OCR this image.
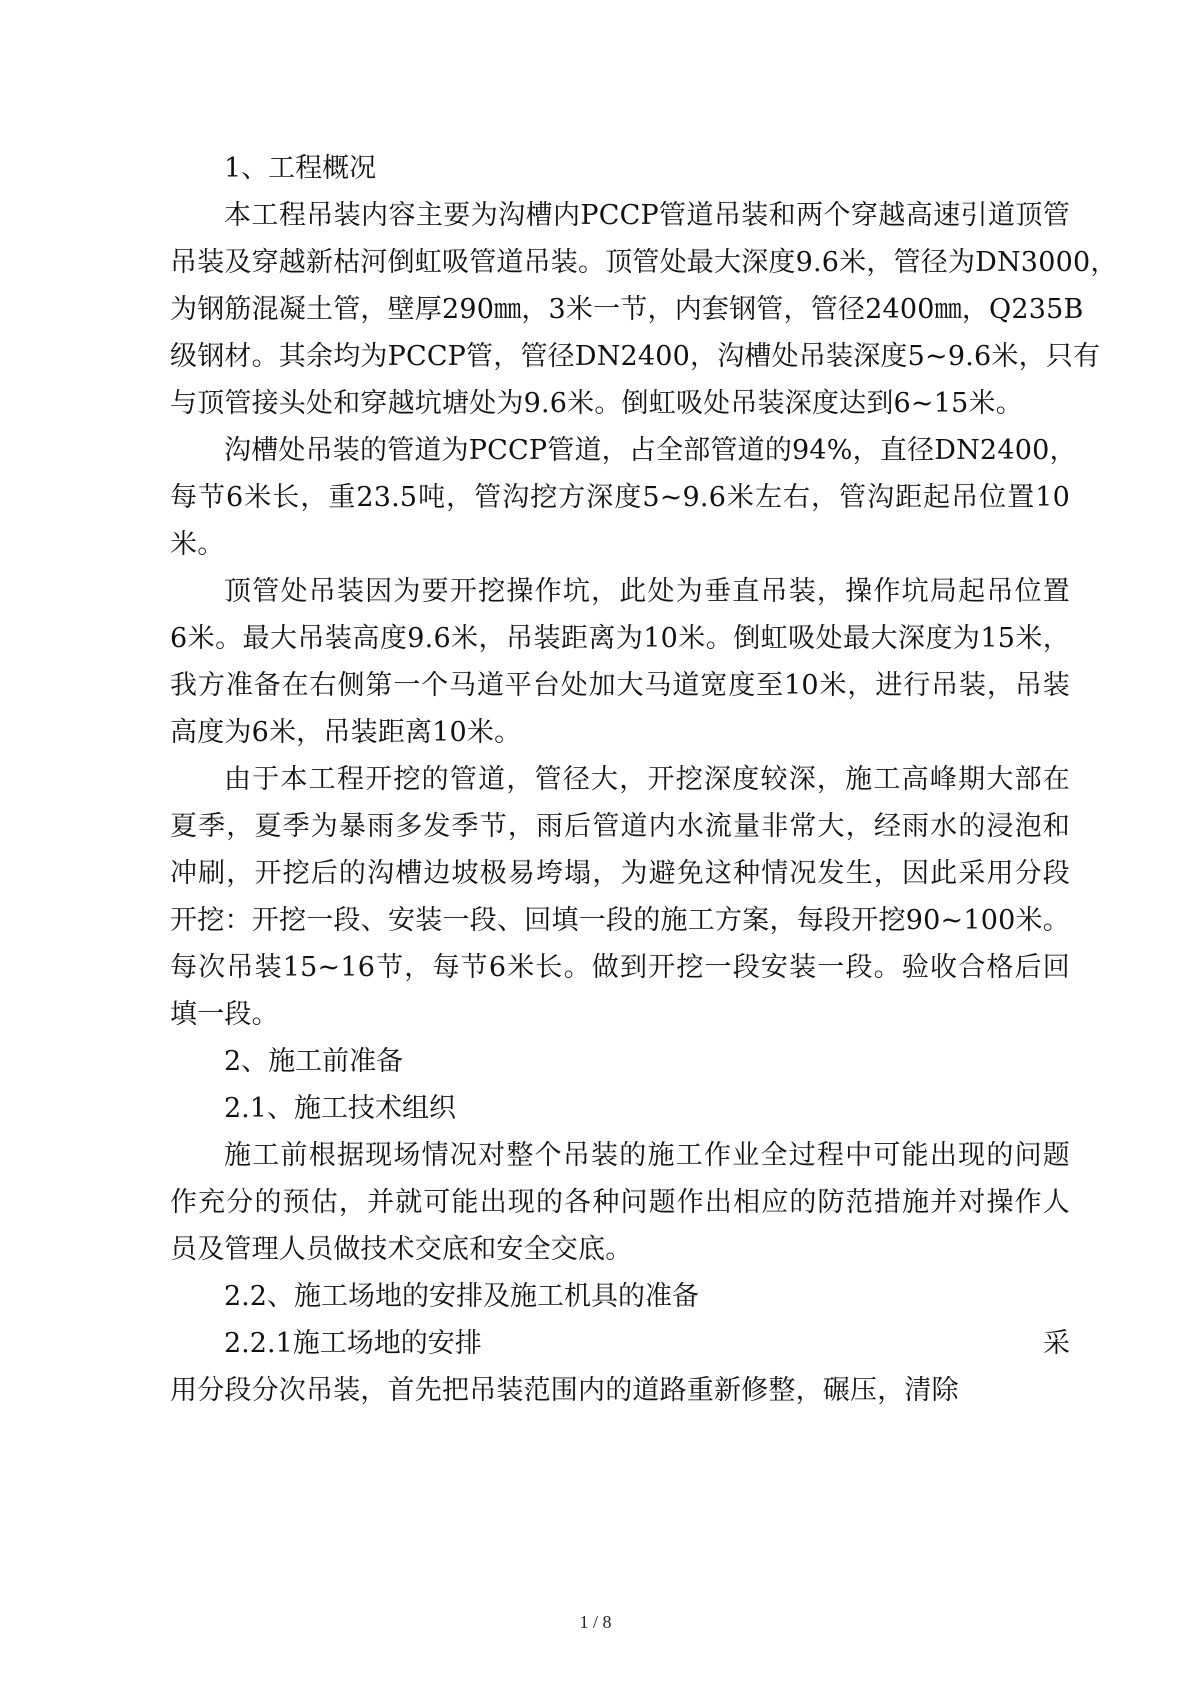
1、工程概况

本工程吊装内容主要为沟槽内PCCP管道吊装和两个穿越高速引道顶管
吊装及穿越新枯河倒虹吸管道吊装。顶管处最大深度9.6米，管径为DN3000，
为钢筋混凝土管，壁厚290㎜，3米一节，内套钢管，管径2400㎜，Q235B
级钢材。其余均为PCCP管，管径DN2400，沟槽处吊装深度5~9.6米，只有
与顶管接头处和穿越坑塘处为9.6米。倒虹吸处吊装深度达到6~15米。
沟槽处吊装的管道为PCCP管道，占全部管道的94%，直径DN2400，
每节6米长，重23.5吨，管沟挖方深度5~9.6米左右，管沟距起吊位置10
米。
顶管处吊装因为要开挖操作坑，此处为垂直吊装，操作坑局起吊位置
6米。最大吊装高度9.6米，吊装距离为10米。倒虹吸处最大深度为15米，
我方准备在右侧第一个马道平台处加大马道宽度至10米，进行吊装，吊装
高度为6米，吊装距离10米。
由于本工程开挖的管道，管径大，开挖深度较深，施工高峰期大部在
夏季，夏季为暴雨多发季节，雨后管道内水流量非常大，经雨水的浸泡和
冲刷，开挖后的沟槽边坡极易垮塌，为避免这种情况发生，因此采用分段
开挖：开挖一段、安装一段、回填一段的施工方案，每段开挖90~100米。
每次吊装15~16节，每节6米长。做到开挖一段安装一段。验收合格后回
填一段。

2、施工前准备

2.1、施工技术组织

施工前根据现场情况对整个吊装的施工作业全过程中可能出现的问题
作充分的预估，并就可能出现的各种问题作出相应的防范措施并对操作人
员及管理人员做技术交底和安全交底。

2.2、施工场地的安排及施工机具的准备

2.2.1施工场地的安排	采
用分段分次吊装，首先把吊装范围内的道路重新修整，碾压，清除
1 / 8
